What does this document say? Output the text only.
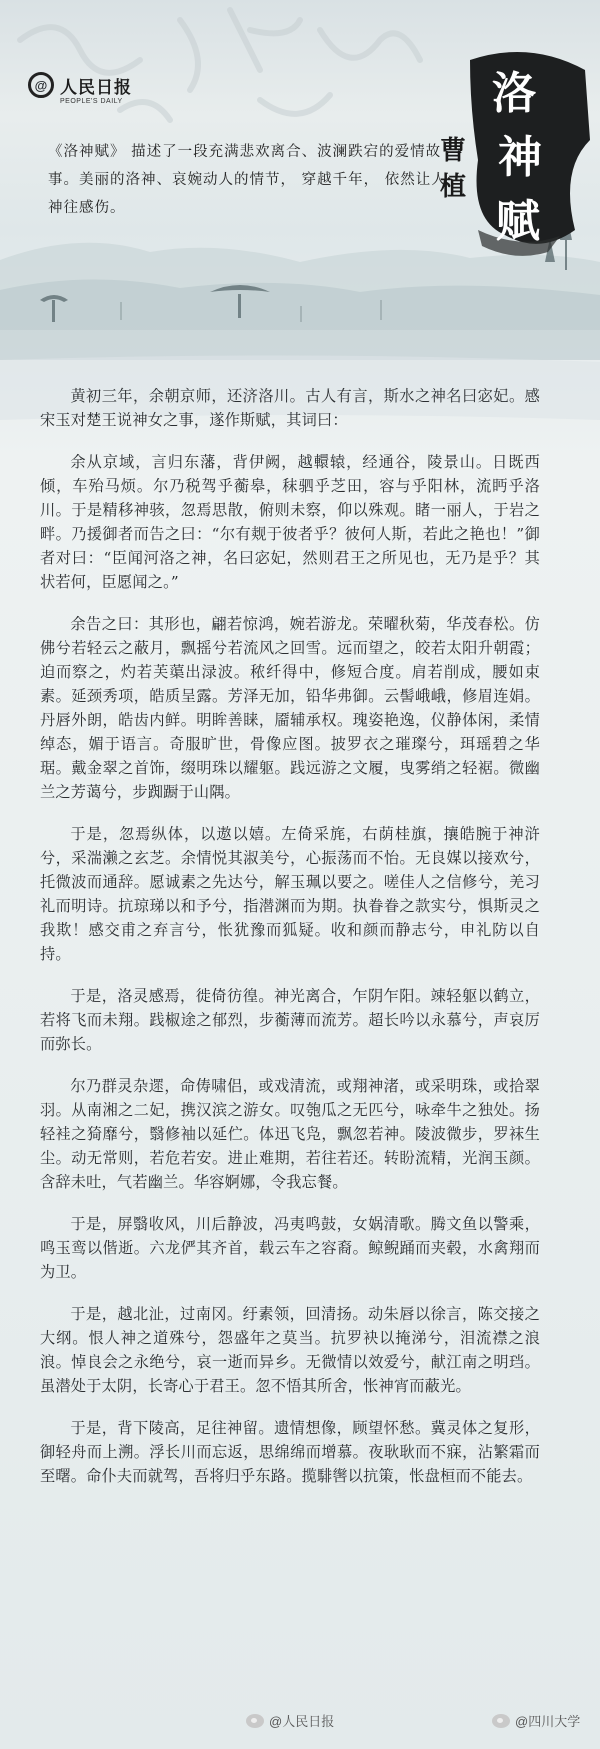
@ 人民日报
PEOPLE'S DAILY	洛
神
赋
曹
植
《洛神赋》 描述了一段充满悲欢离合、波澜跌宕的爱情故事。美丽的洛神、哀婉动人的情节， 穿越千年， 依然让人神往感伤。

黄初三年，余朝京师，还济洛川。古人有言，斯水之神名曰宓妃。感宋玉对楚王说神女之事，遂作斯赋，其词曰：

余从京域，言归东藩，背伊阙，越轘辕，经通谷，陵景山。日既西倾，车殆马烦。尔乃税驾乎蘅皋，秣驷乎芝田，容与乎阳林，流眄乎洛川。于是精移神骇，忽焉思散，俯则未察，仰以殊观。睹一丽人，于岩之畔。乃援御者而告之曰：“尔有觌于彼者乎？彼何人斯，若此之艳也！”御者对曰：“臣闻河洛之神，名曰宓妃，然则君王之所见也，无乃是乎？其状若何，臣愿闻之。”

余告之曰：其形也，翩若惊鸿，婉若游龙。荣曜秋菊，华茂春松。仿佛兮若轻云之蔽月，飘摇兮若流风之回雪。远而望之，皎若太阳升朝霞；迫而察之，灼若芙蕖出渌波。秾纤得中，修短合度。肩若削成，腰如束素。延颈秀项，皓质呈露。芳泽无加，铅华弗御。云髻峨峨，修眉连娟。丹唇外朗，皓齿内鲜。明眸善睐，靥辅承权。瑰姿艳逸，仪静体闲，柔情绰态，媚于语言。奇服旷世，骨像应图。披罗衣之璀璨兮，珥瑶碧之华琚。戴金翠之首饰，缀明珠以耀躯。践远游之文履，曳雾绡之轻裾。微幽兰之芳蔼兮，步踟蹰于山隅。

于是，忽焉纵体，以遨以嬉。左倚采旄，右荫桂旗，攘皓腕于神浒兮，采湍濑之玄芝。余情悦其淑美兮，心振荡而不怡。无良媒以接欢兮，托微波而通辞。愿诚素之先达兮，解玉珮以要之。嗟佳人之信修兮，羌习礼而明诗。抗琼珶以和予兮，指潜渊而为期。执眷眷之款实兮，惧斯灵之我欺！感交甫之弃言兮，怅犹豫而狐疑。收和颜而静志兮，申礼防以自持。

于是，洛灵感焉，徙倚彷徨。神光离合，乍阴乍阳。竦轻躯以鹤立，若将飞而未翔。践椒途之郁烈，步蘅薄而流芳。超长吟以永慕兮，声哀厉而弥长。

尔乃群灵杂遝，命俦啸侣，或戏清流，或翔神渚，或采明珠，或拾翠羽。从南湘之二妃，携汉滨之游女。叹匏瓜之无匹兮，咏牵牛之独处。扬轻袿之猗靡兮，翳修袖以延伫。体迅飞凫，飘忽若神。陵波微步，罗袜生尘。动无常则，若危若安。进止难期，若往若还。转盼流精，光润玉颜。含辞未吐，气若幽兰。华容婀娜，令我忘餐。

于是，屏翳收风，川后静波，冯夷鸣鼓，女娲清歌。腾文鱼以警乘，鸣玉鸾以偕逝。六龙俨其齐首，载云车之容裔。鲸鲵踊而夹毂，水禽翔而为卫。

于是，越北沚，过南冈。纡素领，回清扬。动朱唇以徐言，陈交接之大纲。恨人神之道殊兮，怨盛年之莫当。抗罗袂以掩涕兮，泪流襟之浪浪。悼良会之永绝兮，哀一逝而异乡。无微情以效爱兮，献江南之明珰。虽潜处于太阴，长寄心于君王。忽不悟其所舍，怅神宵而蔽光。

于是，背下陵高，足往神留。遗情想像，顾望怀愁。冀灵体之复形，御轻舟而上溯。浮长川而忘返，思绵绵而增慕。夜耿耿而不寐，沾繁霜而至曙。命仆夫而就驾，吾将归乎东路。揽騑辔以抗策，怅盘桓而不能去。

@人民日报	@四川大学
